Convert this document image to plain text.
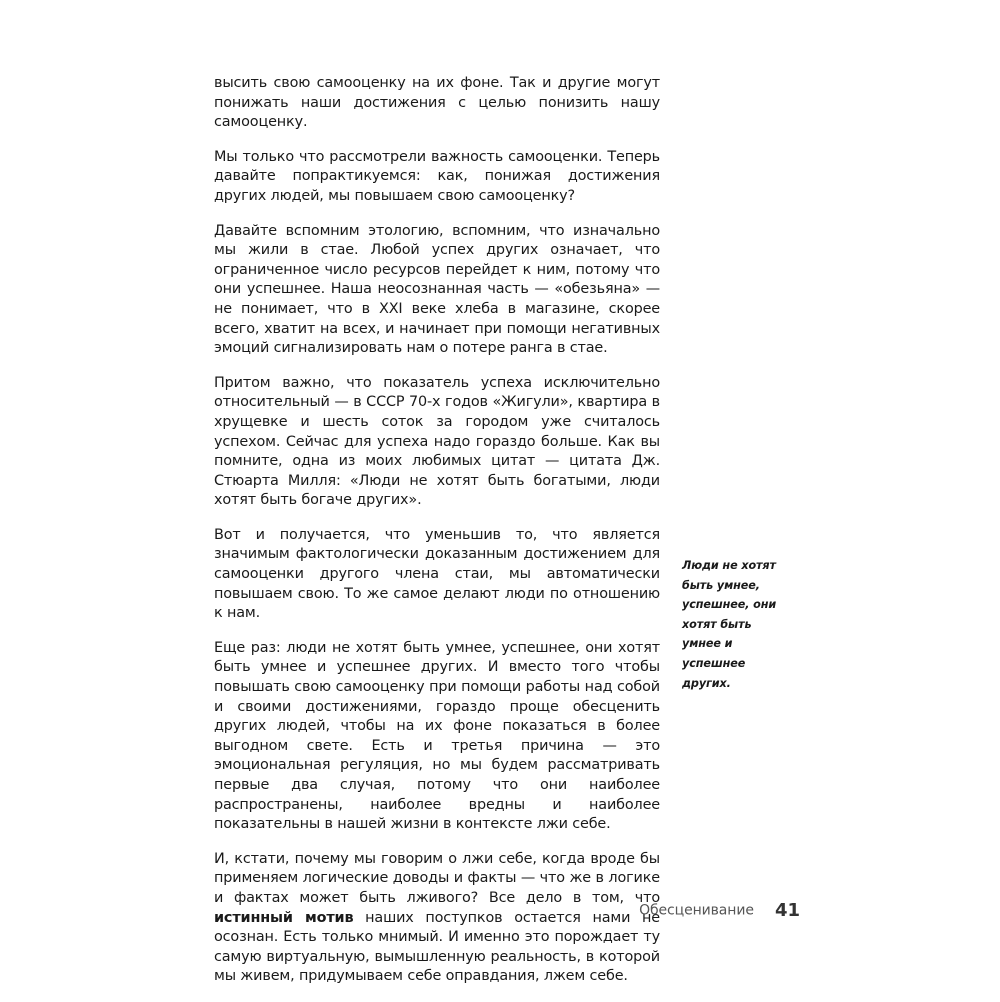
высить свою самооценку на их фоне. Так и другие могут понижать наши достижения с целью понизить нашу самооценку.

Мы только что рассмотрели важность самооценки. Теперь давайте попрактикуемся: как, понижая достижения других людей, мы повышаем свою самооценку?

Давайте вспомним этологию, вспомним, что изначально мы жили в стае. Любой успех других означает, что ограниченное число ресурсов перейдет к ним, потому что они успешнее. Наша неосознанная часть — «обезьяна» — не понимает, что в XXI веке хлеба в магазине, скорее всего, хватит на всех, и начинает при помощи негативных эмоций сигнализировать нам о потере ранга в стае.

Притом важно, что показатель успеха исключительно относительный — в СССР 70-х годов «Жигули», квартира в хрущевке и шесть соток за городом уже считалось успехом. Сейчас для успеха надо гораздо больше. Как вы помните, одна из моих любимых цитат — цитата Дж. Стюарта Милля: «Люди не хотят быть богатыми, люди хотят быть богаче других».

Вот и получается, что уменьшив то, что является значимым фактологически доказанным достижением для самооценки другого члена стаи, мы автоматически повышаем свою. То же самое делают люди по отношению к нам.

Еще раз: люди не хотят быть умнее, успешнее, они хотят быть умнее и успешнее других. И вместо того чтобы повышать свою самооценку при помощи работы над собой и своими достижениями, гораздо проще обесценить других людей, чтобы на их фоне показаться в более выгодном свете. Есть и третья причина — это эмоциональная регуляция, но мы будем рассматривать первые два случая, потому что они наиболее распространены, наиболее вредны и наиболее показательны в нашей жизни в контексте лжи себе.

И, кстати, почему мы говорим о лжи себе, когда вроде бы применяем логические доводы и факты — что же в логике и фактах может быть лживого? Все дело в том, что истинный мотив наших поступков остается нами не осознан. Есть только мнимый. И именно это порождает ту самую виртуальную, вымышленную реальность, в которой мы живем, придумываем себе оправдания, лжем себе.

Люди не хотят быть умнее, успешнее, они хотят быть умнее и успешнее других.
Обесценивание 41
